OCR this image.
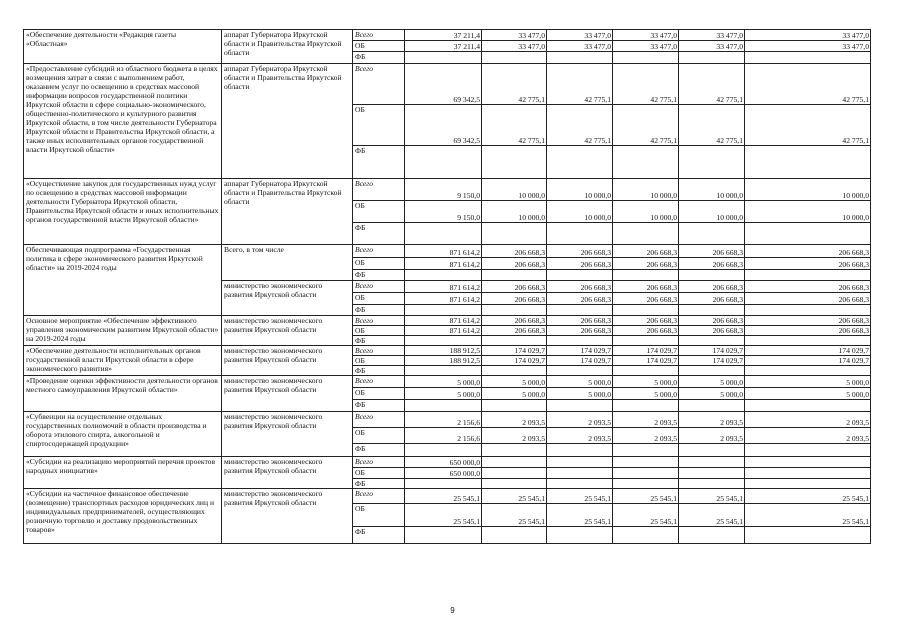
«Обеспечение деятельности «Редакция газеты «Областная»	аппарат Губернатора Иркутской области и Правительства Иркутской области	Всего	37 211,4	33 477,0	33 477,0	33 477,0	33 477,0	33 477,0
		ОБ	37 211,4	33 477,0	33 477,0	33 477,0	33 477,0	33 477,0
		ФБ						
«Предоставление субсидий из областного бюджета в целях возмещения затрат в связи с выполнением работ, оказанием услуг по освещению в средствах массовой информации вопросов государственной политики Иркутской области в сфере социально-экономического, общественно-политического и культурного развития Иркутской области, в том числе деятельности Губернатора Иркутской области и Правительства Иркутской области, а также иных исполнительных органов государственной власти Иркутской области»	аппарат Губернатора Иркутской области и Правительства Иркутской области	Всего	69 342,5	42 775,1	42 775,1	42 775,1	42 775,1	42 775,1
		ОБ	69 342,5	42 775,1	42 775,1	42 775,1	42 775,1	42 775,1
		ФБ						
«Осуществление закупок для государственных нужд услуг по освещению в средствах массовой информации деятельности Губернатора Иркутской области, Правительства Иркутской области и иных исполнительных органов государственной власти Иркутской области»	аппарат Губернатора Иркутской области и Правительства Иркутской области	Всего	9 150,0	10 000,0	10 000,0	10 000,0	10 000,0	10 000,0
		ОБ	9 150,0	10 000,0	10 000,0	10 000,0	10 000,0	10 000,0
		ФБ						
Обеспечивающая подпрограмма «Государственная политика в сфере экономического развития Иркутской области» на 2019-2024 годы	Всего, в том числе	Всего	871 614,2	206 668,3	206 668,3	206 668,3	206 668,3	206 668,3
		ОБ	871 614,2	206 668,3	206 668,3	206 668,3	206 668,3	206 668,3
		ФБ						
	министерство экономического развития Иркутской области	Всего	871 614,2	206 668,3	206 668,3	206 668,3	206 668,3	206 668,3
		ОБ	871 614,2	206 668,3	206 668,3	206 668,3	206 668,3	206 668,3
		ФБ						
Основное мероприятие «Обеспечение эффективного управления экономическим развитием Иркутской области» на 2019-2024 годы	министерство экономического развития Иркутской области	Всего	871 614,2	206 668,3	206 668,3	206 668,3	206 668,3	206 668,3
		ОБ	871 614,2	206 668,3	206 668,3	206 668,3	206 668,3	206 668,3
		ФБ						
«Обеспечение деятельности исполнительных органов государственной власти Иркутской области в сфере экономического развития»	министерство экономического развития Иркутской области	Всего	188 912,5	174 029,7	174 029,7	174 029,7	174 029,7	174 029,7
		ОБ	188 912,5	174 029,7	174 029,7	174 029,7	174 029,7	174 029,7
		ФБ						
«Проведение оценки эффективности деятельности органов местного самоуправления Иркутской области»	министерство экономического развития Иркутской области	Всего	5 000,0	5 000,0	5 000,0	5 000,0	5 000,0	5 000,0
		ОБ	5 000,0	5 000,0	5 000,0	5 000,0	5 000,0	5 000,0
		ФБ						
«Субвенции на осуществление отдельных государственных полномочий в области производства и оборота этилового спирта, алкогольной и спиртосодержащей продукции»	министерство экономического развития Иркутской области	Всего	2 156,6	2 093,5	2 093,5	2 093,5	2 093,5	2 093,5
		ОБ	2 156,6	2 093,5	2 093,5	2 093,5	2 093,5	2 093,5
		ФБ						
«Субсидии на реализацию мероприятий перечня проектов народных инициатив»	министерство экономического развития Иркутской области	Всего	650 000,0					
		ОБ	650 000,0					
		ФБ						
«Субсидии на частичное финансовое обеспечение (возмещение) транспортных расходов юридических лиц и индивидуальных предпринимателей, осуществляющих розничную торговлю и доставку продовольственных товаров»	министерство экономического развития Иркутской области	Всего	25 545,1	25 545,1	25 545,1	25 545,1	25 545,1	25 545,1
		ОБ	25 545,1	25 545,1	25 545,1	25 545,1	25 545,1	25 545,1
		ФБ						
9
